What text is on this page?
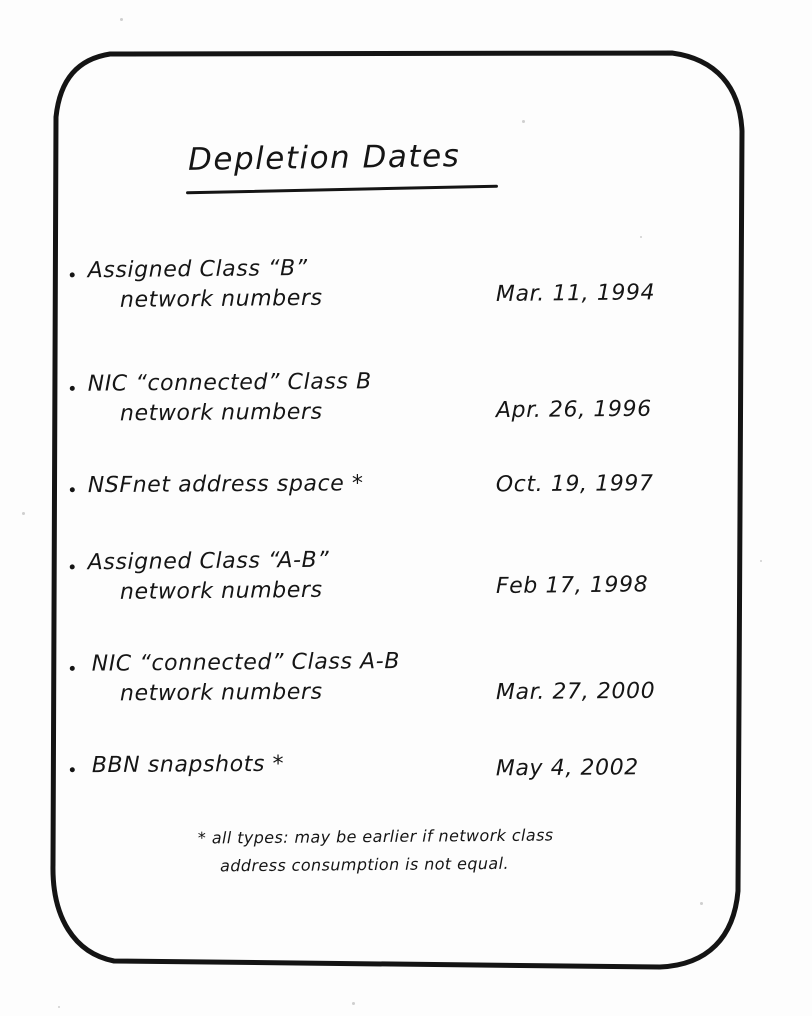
Depletion Dates
Assigned Class “B”
network numbers	Mar. 11, 1994
NIC “connected” Class B
network numbers	Apr. 26, 1996
NSFnet address space *	Oct. 19, 1997
Assigned Class “A-B”
network numbers	Feb 17, 1998
NIC “connected” Class A-B
network numbers	Mar. 27, 2000
BBN snapshots *	May 4, 2002
* all types: may be earlier if network class
address consumption is not equal.
